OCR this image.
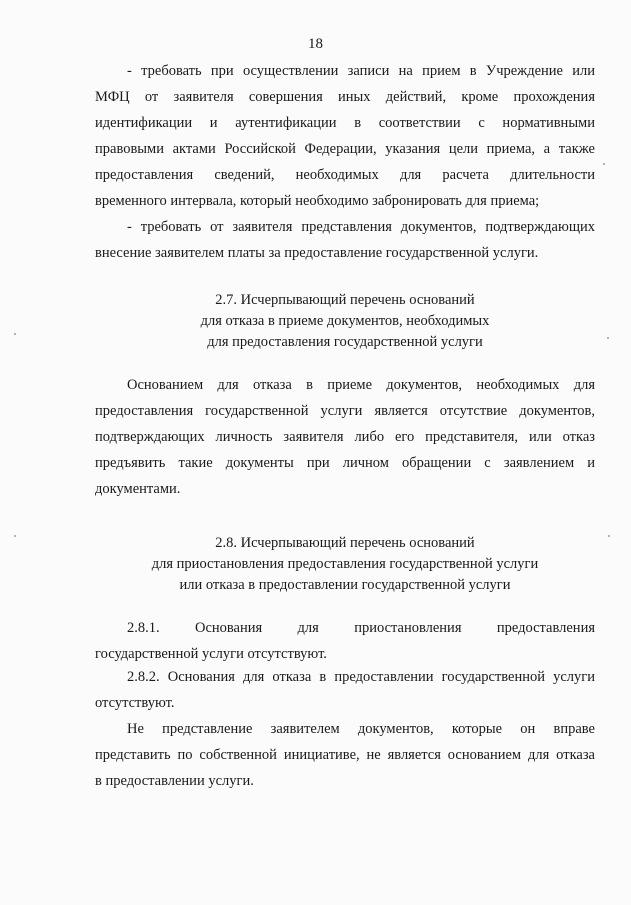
18
- требовать при осуществлении записи на прием в Учреждение или
МФЦ от заявителя совершения иных действий, кроме прохождения
идентификации и аутентификации в соответствии с нормативными
правовыми актами Российской Федерации, указания цели приема, а также
предоставления сведений, необходимых для расчета длительности
временного интервала, который необходимо забронировать для приема;
- требовать от заявителя представления документов, подтверждающих
внесение заявителем платы за предоставление государственной услуги.
2.7. Исчерпывающий перечень оснований
для отказа в приеме документов, необходимых
для предоставления государственной услуги
Основанием для отказа в приеме документов, необходимых для
предоставления государственной услуги является отсутствие документов,
подтверждающих личность заявителя либо его представителя, или отказ
предъявить такие документы при личном обращении с заявлением и
документами.
2.8. Исчерпывающий перечень оснований
для приостановления предоставления государственной услуги
или отказа в предоставлении государственной услуги
2.8.1. Основания для приостановления предоставления
государственной услуги отсутствуют.
2.8.2. Основания для отказа в предоставлении государственной услуги
отсутствуют.
Не представление заявителем документов, которые он вправе
представить по собственной инициативе, не является основанием для отказа
в предоставлении услуги.
